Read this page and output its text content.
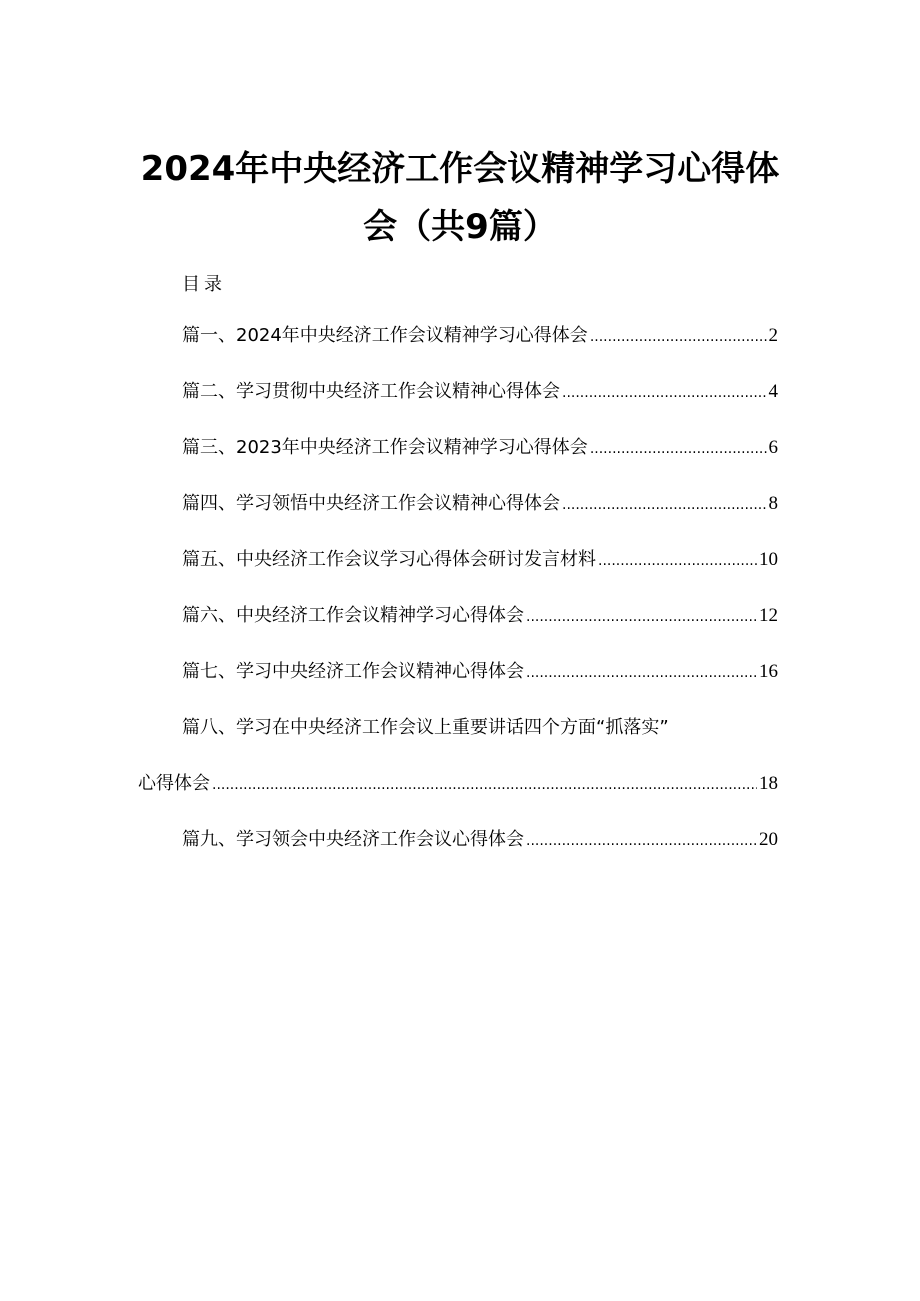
2024年中央经济工作会议精神学习心得体
会（共9篇）
目录
篇一、2024年中央经济工作会议精神学习心得体会 .....	2
篇二、学习贯彻中央经济工作会议精神心得体会 .....	4
篇三、2023年中央经济工作会议精神学习心得体会 .....	6
篇四、学习领悟中央经济工作会议精神心得体会 .....	8
篇五、中央经济工作会议学习心得体会研讨发言材料 .....	10
篇六、中央经济工作会议精神学习心得体会 .....	12
篇七、学习中央经济工作会议精神心得体会 .....	16
篇八、学习在中央经济工作会议上重要讲话四个方面“抓落实”
心得体会 .....	18
篇九、学习领会中央经济工作会议心得体会 .....	20
